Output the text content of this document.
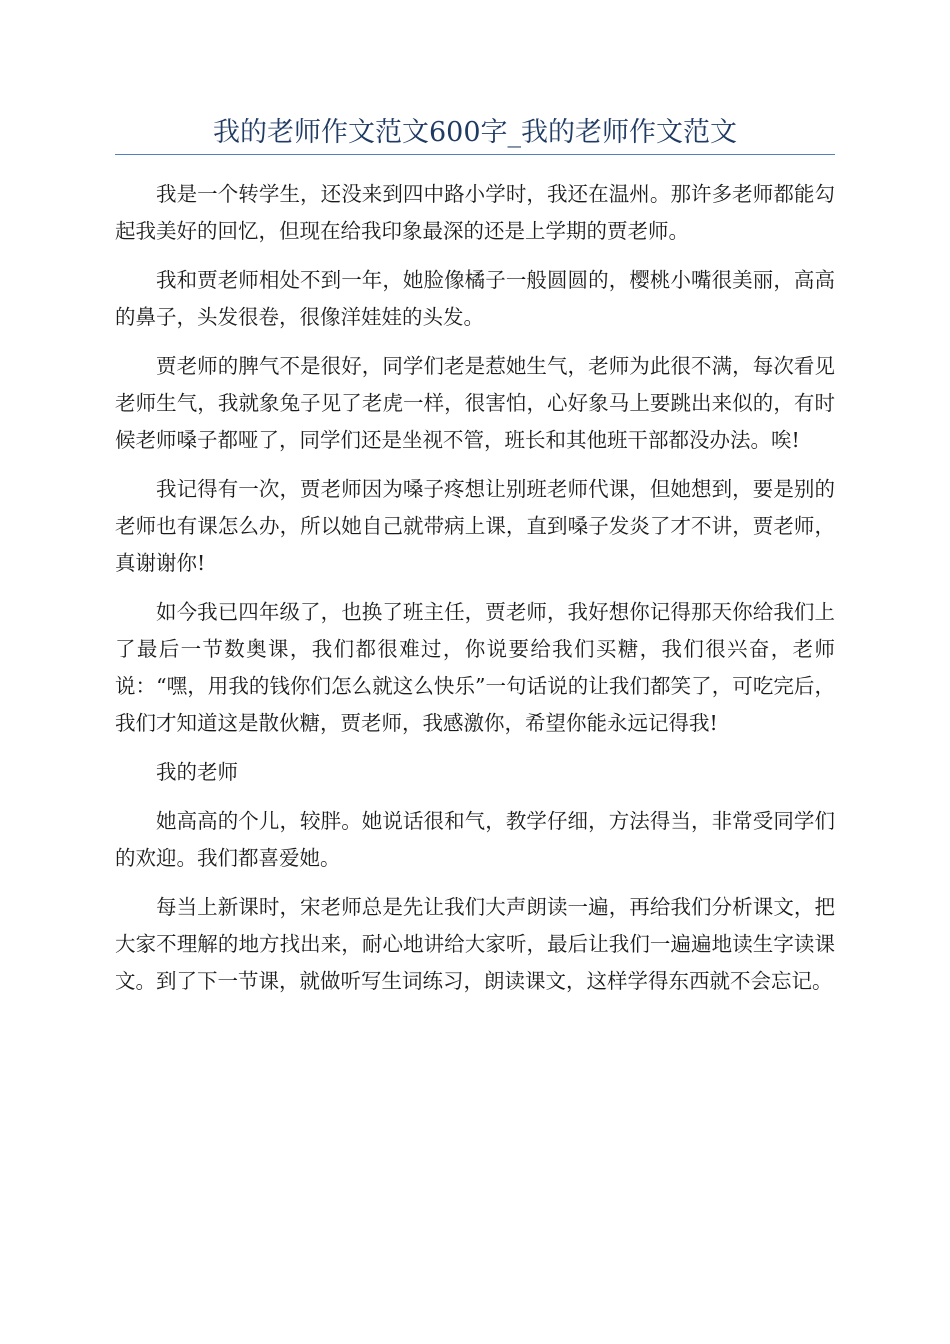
我的老师作文范文600字_我的老师作文范文

我是一个转学生，还没来到四中路小学时，我还在温州。那许多老师都能勾起我美好的回忆，但现在给我印象最深的还是上学期的贾老师。

我和贾老师相处不到一年，她脸像橘子一般圆圆的，樱桃小嘴很美丽，高高的鼻子，头发很卷，很像洋娃娃的头发。

贾老师的脾气不是很好，同学们老是惹她生气，老师为此很不满，每次看见老师生气，我就象兔子见了老虎一样，很害怕，心好象马上要跳出来似的，有时候老师嗓子都哑了，同学们还是坐视不管，班长和其他班干部都没办法。唉!

我记得有一次，贾老师因为嗓子疼想让别班老师代课，但她想到，要是别的老师也有课怎么办，所以她自己就带病上课，直到嗓子发炎了才不讲，贾老师，真谢谢你!

如今我已四年级了，也换了班主任，贾老师，我好想你记得那天你给我们上了最后一节数奥课，我们都很难过，你说要给我们买糖，我们很兴奋，老师说：“嘿，用我的钱你们怎么就这么快乐”一句话说的让我们都笑了，可吃完后，我们才知道这是散伙糖，贾老师，我感激你，希望你能永远记得我!

我的老师

她高高的个儿，较胖。她说话很和气，教学仔细，方法得当，非常受同学们的欢迎。我们都喜爱她。

每当上新课时，宋老师总是先让我们大声朗读一遍，再给我们分析课文，把大家不理解的地方找出来，耐心地讲给大家听，最后让我们一遍遍地读生字读课文。到了下一节课，就做听写生词练习，朗读课文，这样学得东西就不会忘记。
